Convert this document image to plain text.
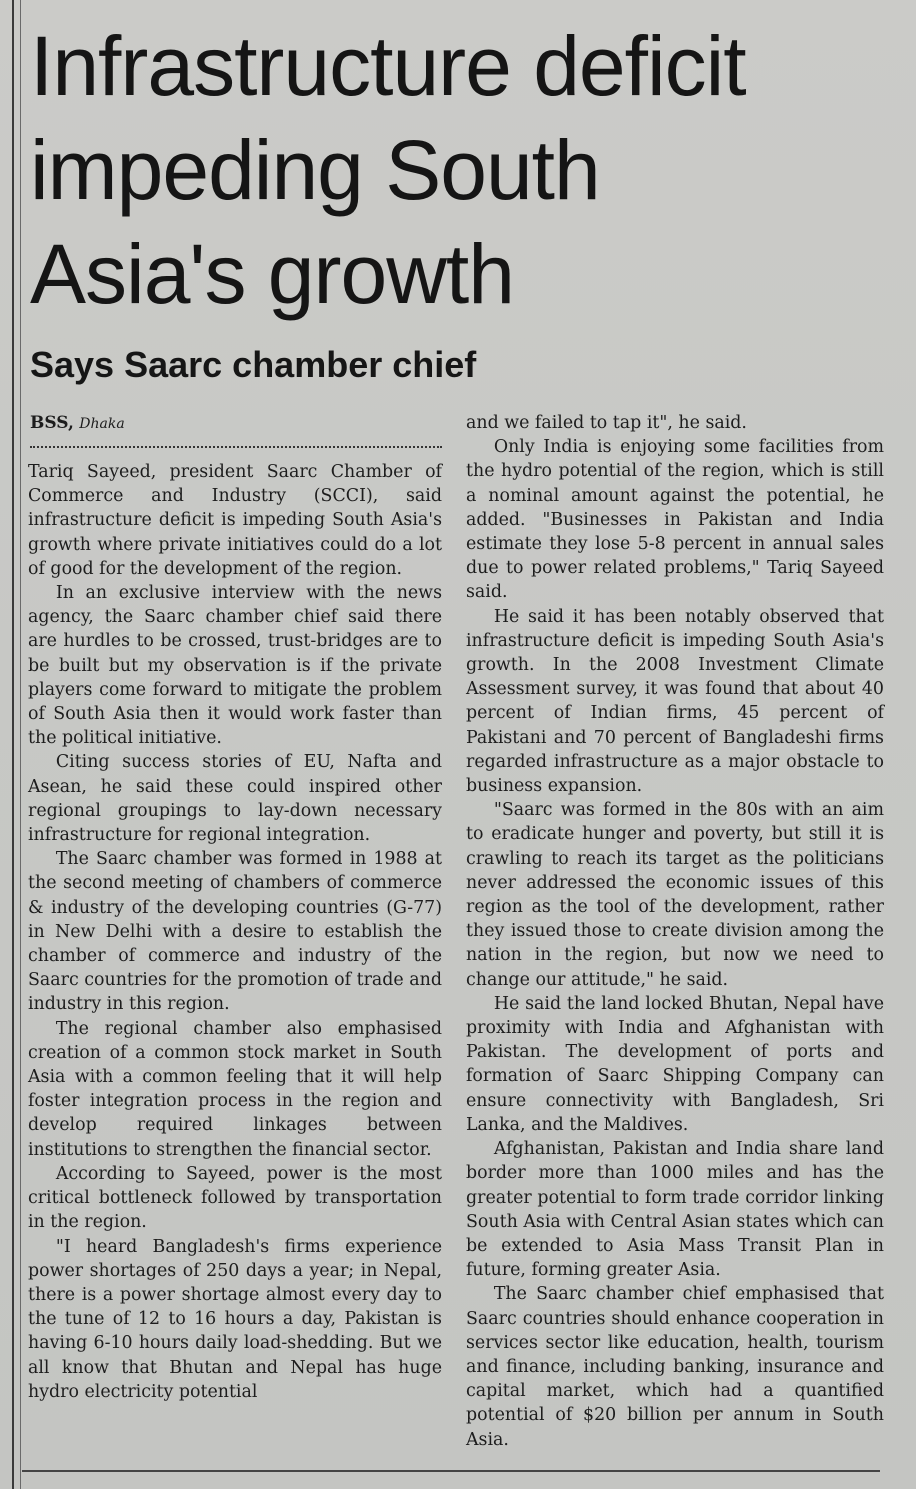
Infrastructure deficit
impeding South
Asia's growth
Says Saarc chamber chief
BSS, Dhaka

Tariq Sayeed, president Saarc Chamber of Commerce and Industry (SCCI), said infrastructure deficit is impeding South Asia's growth where private initiatives could do a lot of good for the development of the region.

In an exclusive interview with the news agency, the Saarc chamber chief said there are hurdles to be crossed, trust-bridges are to be built but my observation is if the private players come forward to mitigate the problem of South Asia then it would work faster than the political initiative.

Citing success stories of EU, Nafta and Asean, he said these could inspired other regional groupings to lay-down necessary infrastructure for regional integration.

The Saarc chamber was formed in 1988 at the second meeting of chambers of commerce & industry of the developing countries (G-77) in New Delhi with a desire to establish the chamber of commerce and industry of the Saarc countries for the promotion of trade and industry in this region.

The regional chamber also emphasised creation of a common stock market in South Asia with a common feeling that it will help foster integration process in the region and develop required linkages between institutions to strengthen the financial sector.

According to Sayeed, power is the most critical bottleneck followed by transportation in the region.

"I heard Bangladesh's firms experience power shortages of 250 days a year; in Nepal, there is a power shortage almost every day to the tune of 12 to 16 hours a day, Pakistan is having 6-10 hours daily load-shedding. But we all know that Bhutan and Nepal has huge hydro electricity potential

and we failed to tap it", he said.

Only India is enjoying some facilities from the hydro potential of the region, which is still a nominal amount against the potential, he added. "Businesses in Pakistan and India estimate they lose 5-8 percent in annual sales due to power related problems," Tariq Sayeed said.

He said it has been notably observed that infrastructure deficit is impeding South Asia's growth. In the 2008 Investment Climate Assessment survey, it was found that about 40 percent of Indian firms, 45 percent of Pakistani and 70 percent of Bangladeshi firms regarded infrastructure as a major obstacle to business expansion.

"Saarc was formed in the 80s with an aim to eradicate hunger and poverty, but still it is crawling to reach its target as the politicians never addressed the economic issues of this region as the tool of the development, rather they issued those to create division among the nation in the region, but now we need to change our attitude," he said.

He said the land locked Bhutan, Nepal have proximity with India and Afghanistan with Pakistan. The development of ports and formation of Saarc Shipping Company can ensure connectivity with Bangladesh, Sri Lanka, and the Maldives.

Afghanistan, Pakistan and India share land border more than 1000 miles and has the greater potential to form trade corridor linking South Asia with Central Asian states which can be extended to Asia Mass Transit Plan in future, forming greater Asia.

The Saarc chamber chief emphasised that Saarc countries should enhance cooperation in services sector like education, health, tourism and finance, including banking, insurance and capital market, which had a quantified potential of $20 billion per annum in South Asia.
